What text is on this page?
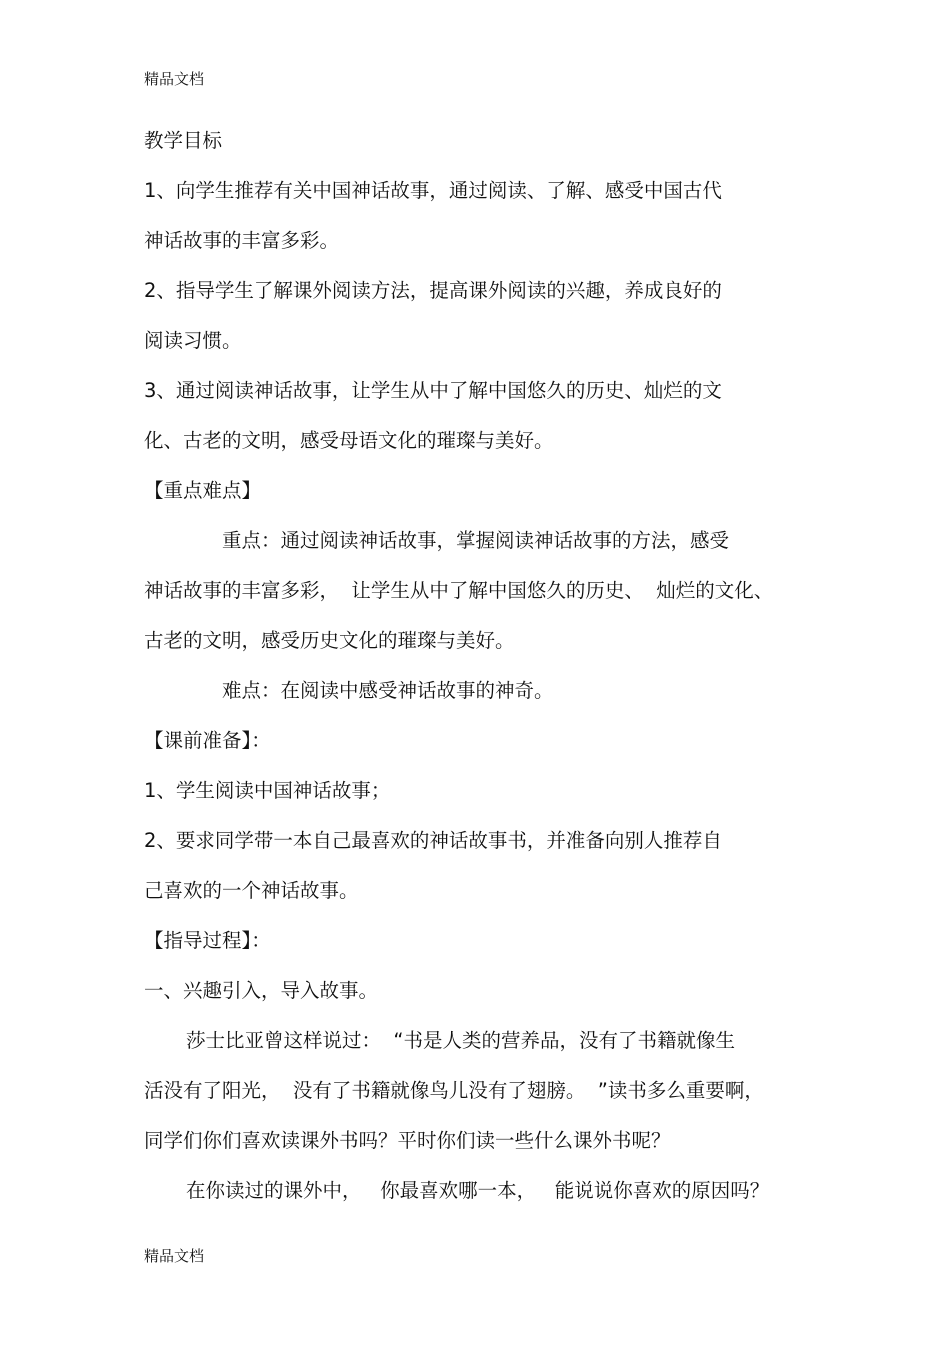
精品文档
教学目标
1、向学生推荐有关中国神话故事，通过阅读、了解、感受中国古代
神话故事的丰富多彩。
2、指导学生了解课外阅读方法，提高课外阅读的兴趣，养成良好的
阅读习惯。
3、通过阅读神话故事，让学生从中了解中国悠久的历史、灿烂的文
化、古老的文明，感受母语文化的璀璨与美好。
【重点难点】
重点：通过阅读神话故事，掌握阅读神话故事的方法，感受
神话故事的丰富多彩，  让学生从中了解中国悠久的历史、  灿烂的文化、
古老的文明，感受历史文化的璀璨与美好。
难点：在阅读中感受神话故事的神奇。
【课前准备】：
1、学生阅读中国神话故事；
2、要求同学带一本自己最喜欢的神话故事书，并准备向别人推荐自
己喜欢的一个神话故事。
【指导过程】：
一、兴趣引入，导入故事。
莎士比亚曾这样说过：  “书是人类的营养品，没有了书籍就像生
活没有了阳光，  没有了书籍就像鸟儿没有了翅膀。  ”读书多么重要啊，
同学们你们喜欢读课外书吗？平时你们读一些什么课外书呢？
在你读过的课外中，   你最喜欢哪一本，   能说说你喜欢的原因吗？
精品文档
